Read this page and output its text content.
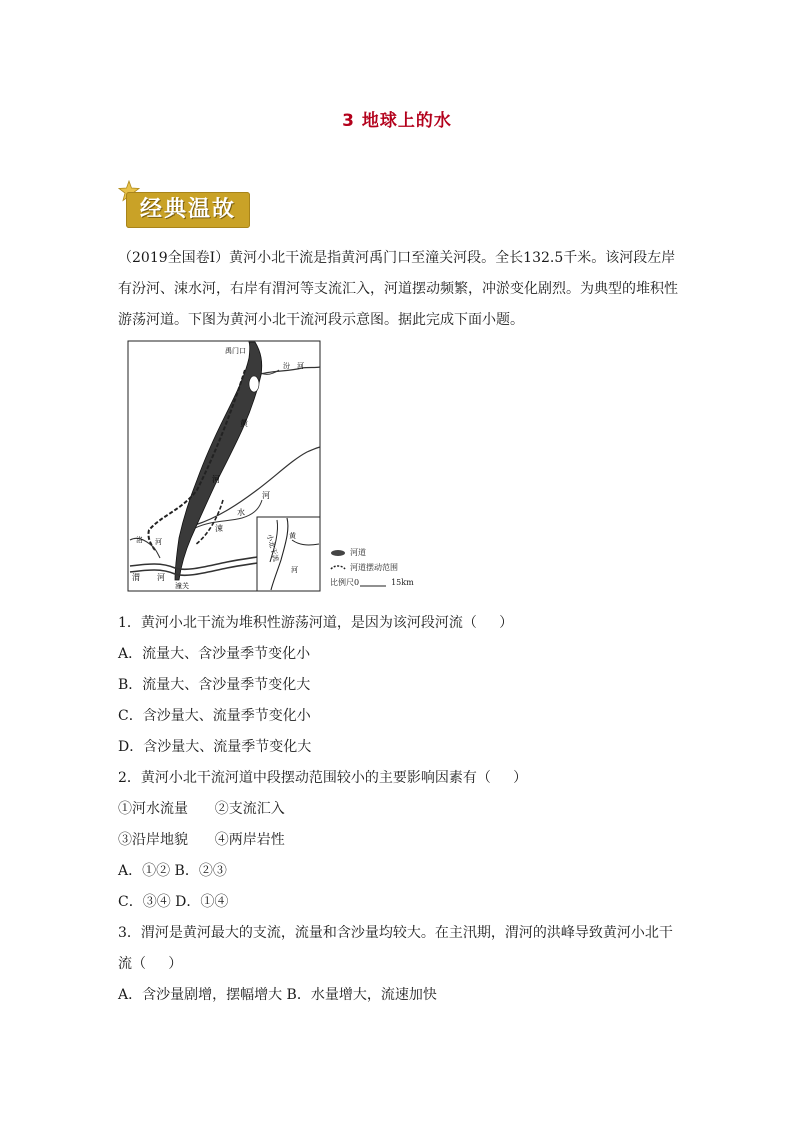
3 地球上的水
经典温故

（2019全国卷Ⅰ）黄河小北干流是指黄河禹门口至潼关河段。全长132.5千米。该河段左岸

有汾河、涑水河，右岸有渭河等支流汇入，河道摆动频繁，冲淤变化剧烈。为典型的堆积性

游荡河道。下图为黄河小北干流河段示意图。据此完成下面小题。

禹门口
汾 河
黄
河
河
水
涑
洛 河
渭 河
潼关
黄
河
小北干流	河道
河道摆动范围
比例尺0	15km
1．黄河小北干流为堆积性游荡河道，是因为该河段河流（     ）
A．流量大、含沙量季节变化小
B．流量大、含沙量季节变化大
C．含沙量大、流量季节变化小
D．含沙量大、流量季节变化大
2．黄河小北干流河道中段摆动范围较小的主要影响因素有（     ）
①河水流量      ②支流汇入
③沿岸地貌      ④两岸岩性
A．①② B．②③
C．③④ D．①④
3．渭河是黄河最大的支流，流量和含沙量均较大。在主汛期，渭河的洪峰导致黄河小北干
流（     ）
A．含沙量剧增，摆幅增大 B．水量增大，流速加快
